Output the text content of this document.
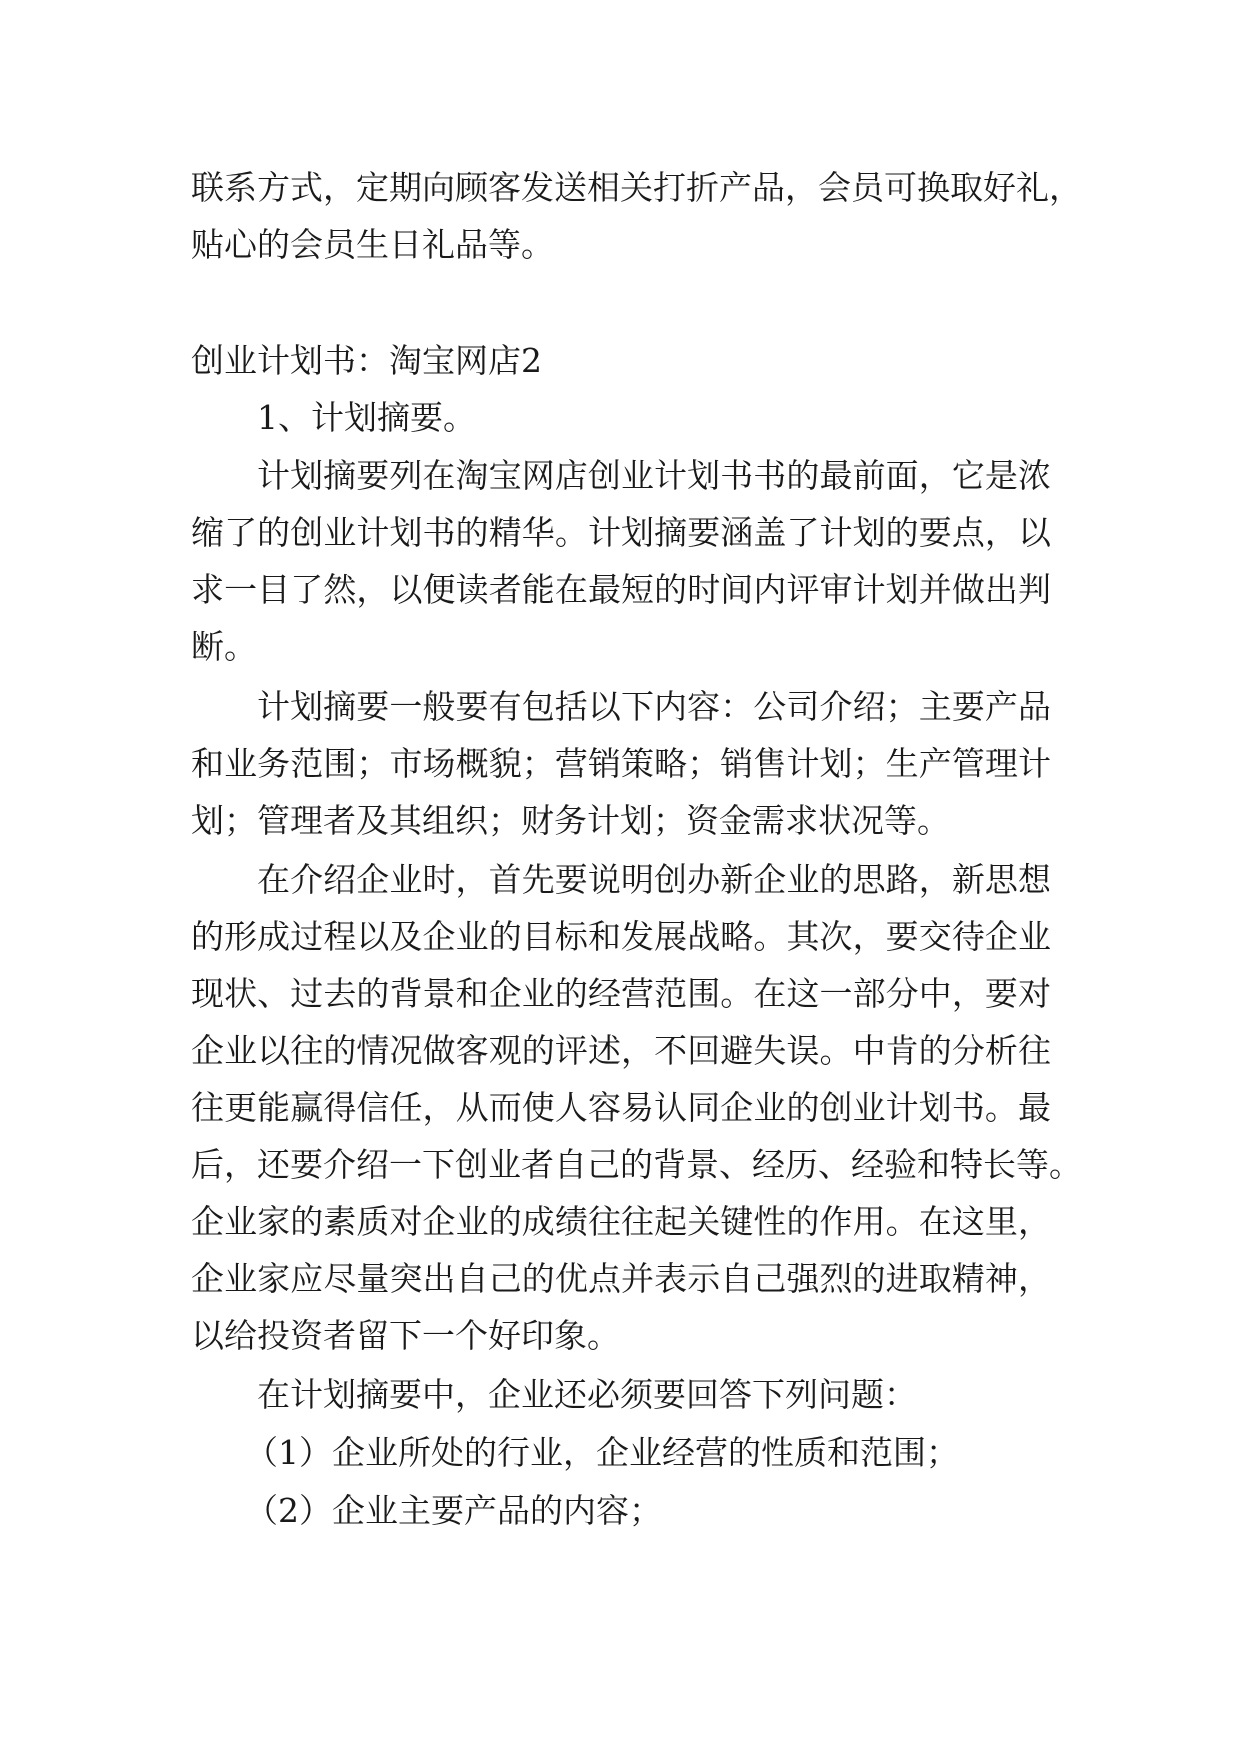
联系方式，定期向顾客发送相关打折产品，会员可换取好礼，
贴心的会员生日礼品等。
创业计划书：淘宝网店2
1、计划摘要。
计划摘要列在淘宝网店创业计划书书的最前面，它是浓
缩了的创业计划书的精华。计划摘要涵盖了计划的要点，以
求一目了然，以便读者能在最短的时间内评审计划并做出判
断。
计划摘要一般要有包括以下内容：公司介绍；主要产品
和业务范围；市场概貌；营销策略；销售计划；生产管理计
划；管理者及其组织；财务计划；资金需求状况等。
在介绍企业时，首先要说明创办新企业的思路，新思想
的形成过程以及企业的目标和发展战略。其次，要交待企业
现状、过去的背景和企业的经营范围。在这一部分中，要对
企业以往的情况做客观的评述，不回避失误。中肯的分析往
往更能赢得信任，从而使人容易认同企业的创业计划书。最
后，还要介绍一下创业者自己的背景、经历、经验和特长等。
企业家的素质对企业的成绩往往起关键性的作用。在这里，
企业家应尽量突出自己的优点并表示自己强烈的进取精神，
以给投资者留下一个好印象。
在计划摘要中，企业还必须要回答下列问题：
（1）企业所处的行业，企业经营的性质和范围；
（2）企业主要产品的内容；
